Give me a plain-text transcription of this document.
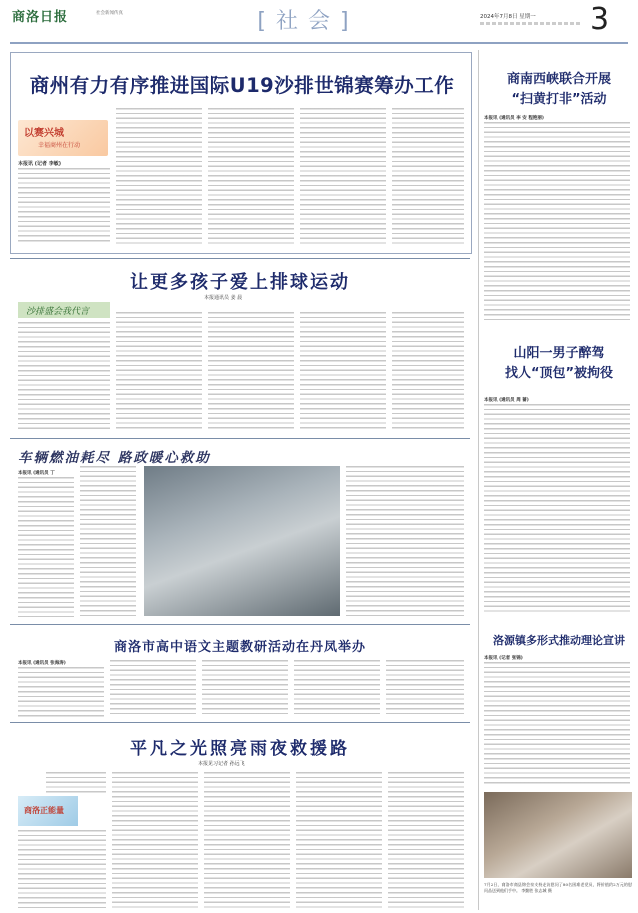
商洛日报	社会新闻传真	[社会]	2024年7月8日 星期一 3
商州有力有序推进国际U19沙排世锦赛筹办工作
以赛兴城
幸福商州在行动
本报讯 (记者 李敏)
商南西峡联合开展
“扫黄打非”活动
本报讯 (通讯员 李 安 程艳丽)
山阳一男子醉驾
找人“顶包”被拘役
本报讯 (通讯员 周 蔷)
洛源镇多形式推动理论宣讲
本报讯 (记者 张锦)
7月2日，商洛市商县锦会泉支持走访慰问了80名困难老党员，将价值约2万元的慰问品送到他们手中。 李勤胜 张志城 摄
让更多孩子爱上排球运动
本报通讯员 姜 晨
沙排盛会我代言
车辆燃油耗尽 路政暖心救助
本报讯 (通讯员 丁
商洛市高中语文主题教研活动在丹凤举办
本报讯 (通讯员 张海涛)
平凡之光照亮雨夜救援路
本报见习记者 孙远飞
商洛正能量
